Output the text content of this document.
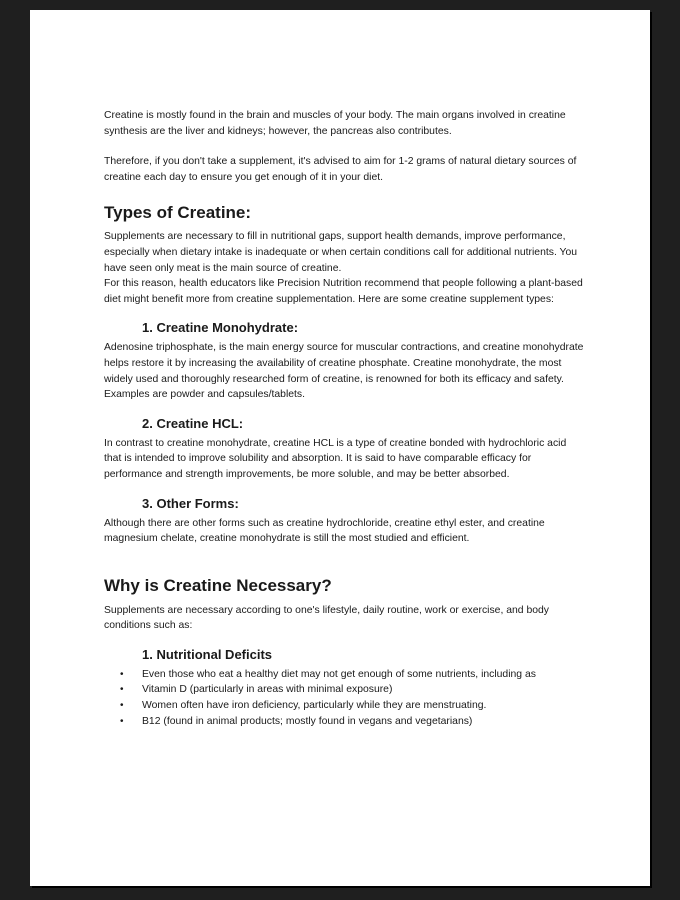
Creatine is mostly found in the brain and muscles of your body. The main organs involved in creatine synthesis are the liver and kidneys; however, the pancreas also contributes.

Therefore, if you don't take a supplement, it's advised to aim for 1-2 grams of natural dietary sources of creatine each day to ensure you get enough of it in your diet.

Types of Creatine:

Supplements are necessary to fill in nutritional gaps, support health demands, improve performance, especially when dietary intake is inadequate or when certain conditions call for additional nutrients. You have seen only meat is the main source of creatine.

For this reason, health educators like Precision Nutrition recommend that people following a plant-based diet might benefit more from creatine supplementation. Here are some creatine supplement types:

1. Creatine Monohydrate:

Adenosine triphosphate, is the main energy source for muscular contractions, and creatine monohydrate helps restore it by increasing the availability of creatine phosphate. Creatine monohydrate, the most widely used and thoroughly researched form of creatine, is renowned for both its efficacy and safety. Examples are powder and capsules/tablets.

2. Creatine HCL:

In contrast to creatine monohydrate, creatine HCL is a type of creatine bonded with hydrochloric acid that is intended to improve solubility and absorption. It is said to have comparable efficacy for performance and strength improvements, be more soluble, and may be better absorbed.

3. Other Forms:

Although there are other forms such as creatine hydrochloride, creatine ethyl ester, and creatine magnesium chelate, creatine monohydrate is still the most studied and efficient.

Why is Creatine Necessary?

Supplements are necessary according to one's lifestyle, daily routine, work or exercise, and body conditions such as:

1. Nutritional Deficits
• Even those who eat a healthy diet may not get enough of some nutrients, including as
• Vitamin D (particularly in areas with minimal exposure)
• Women often have iron deficiency, particularly while they are menstruating.
• B12 (found in animal products; mostly found in vegans and vegetarians)
